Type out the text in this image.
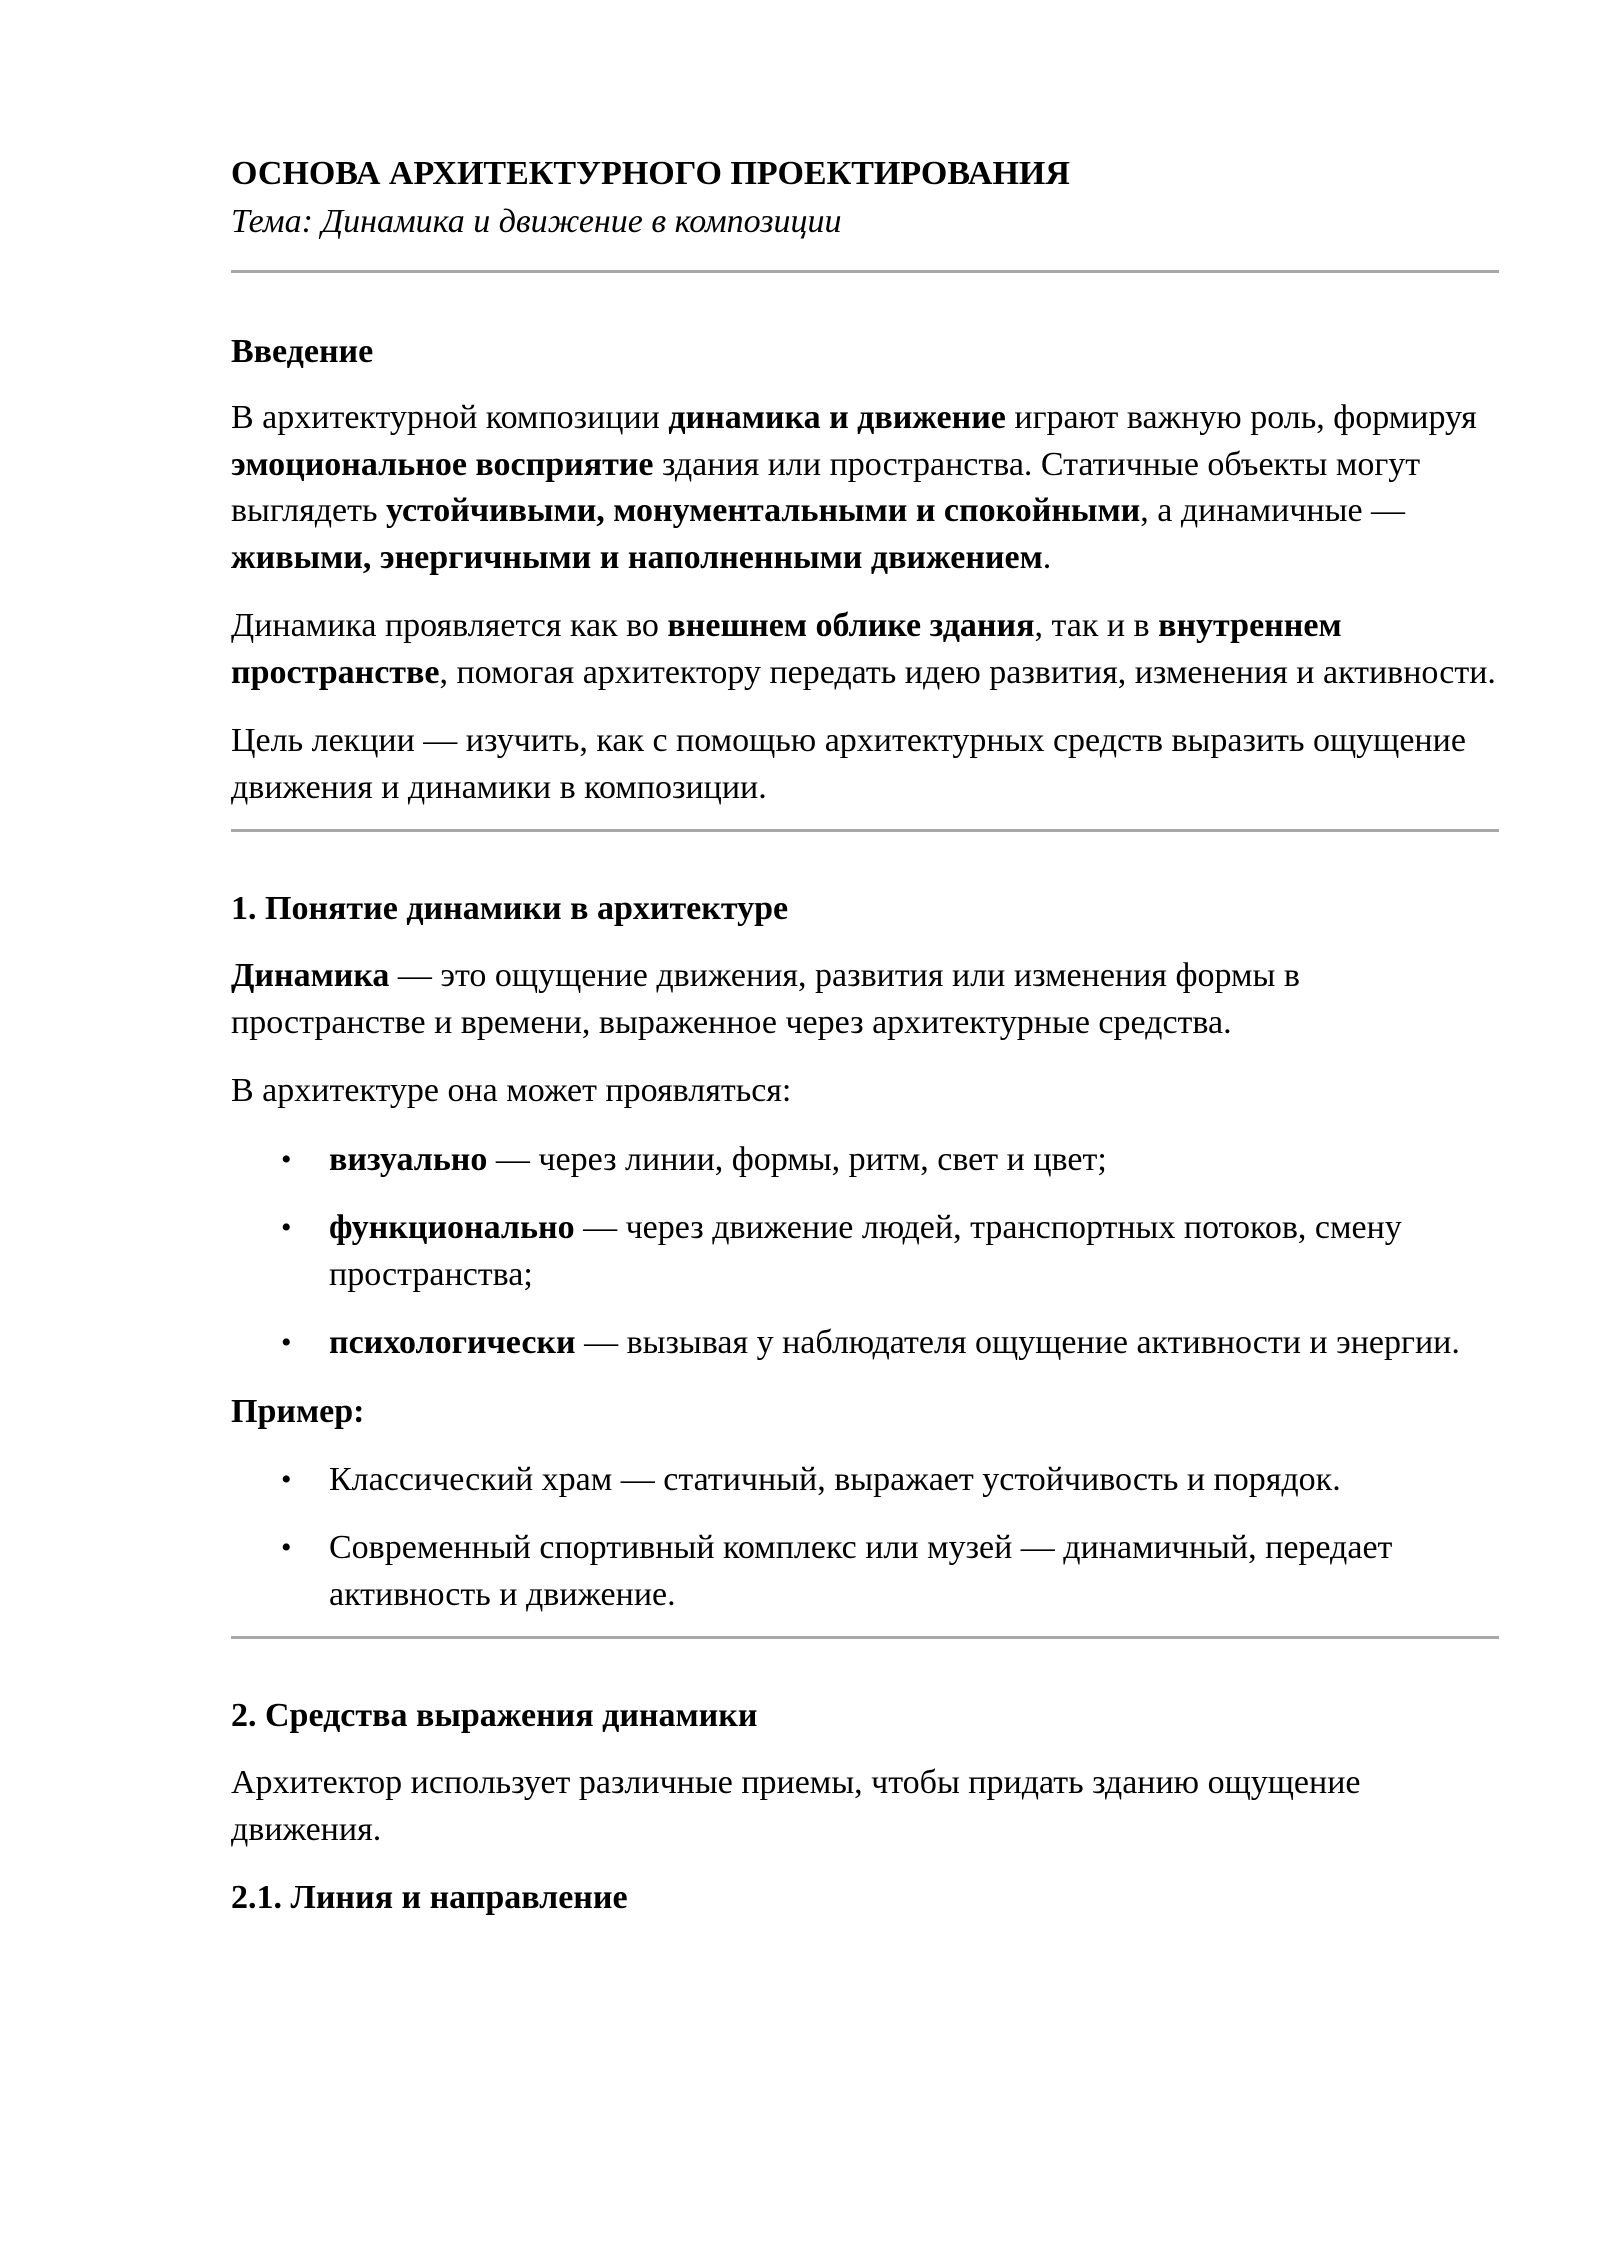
ОСНОВА АРХИТЕКТУРНОГО ПРОЕКТИРОВАНИЯ
Тема: Динамика и движение в композиции
Введение

В архитектурной композиции динамика и движение играют важную роль, формируя эмоциональное восприятие здания или пространства. Статичные объекты могут выглядеть устойчивыми, монументальными и спокойными, а динамичные — живыми, энергичными и наполненными движением.

Динамика проявляется как во внешнем облике здания, так и в внутреннем пространстве, помогая архитектору передать идею развития, изменения и активности.

Цель лекции — изучить, как с помощью архитектурных средств выразить ощущение движения и динамики в композиции.

1. Понятие динамики в архитектуре

Динамика — это ощущение движения, развития или изменения формы в пространстве и времени, выраженное через архитектурные средства.

В архитектуре она может проявляться:

• визуально — через линии, формы, ритм, свет и цвет;
• функционально — через движение людей, транспортных потоков, смену пространства;
• психологически — вызывая у наблюдателя ощущение активности и энергии.
Пример:
• Классический храм — статичный, выражает устойчивость и порядок.
• Современный спортивный комплекс или музей — динамичный, передает активность и движение.
2. Средства выражения динамики

Архитектор использует различные приемы, чтобы придать зданию ощущение движения.

2.1. Линия и направление
